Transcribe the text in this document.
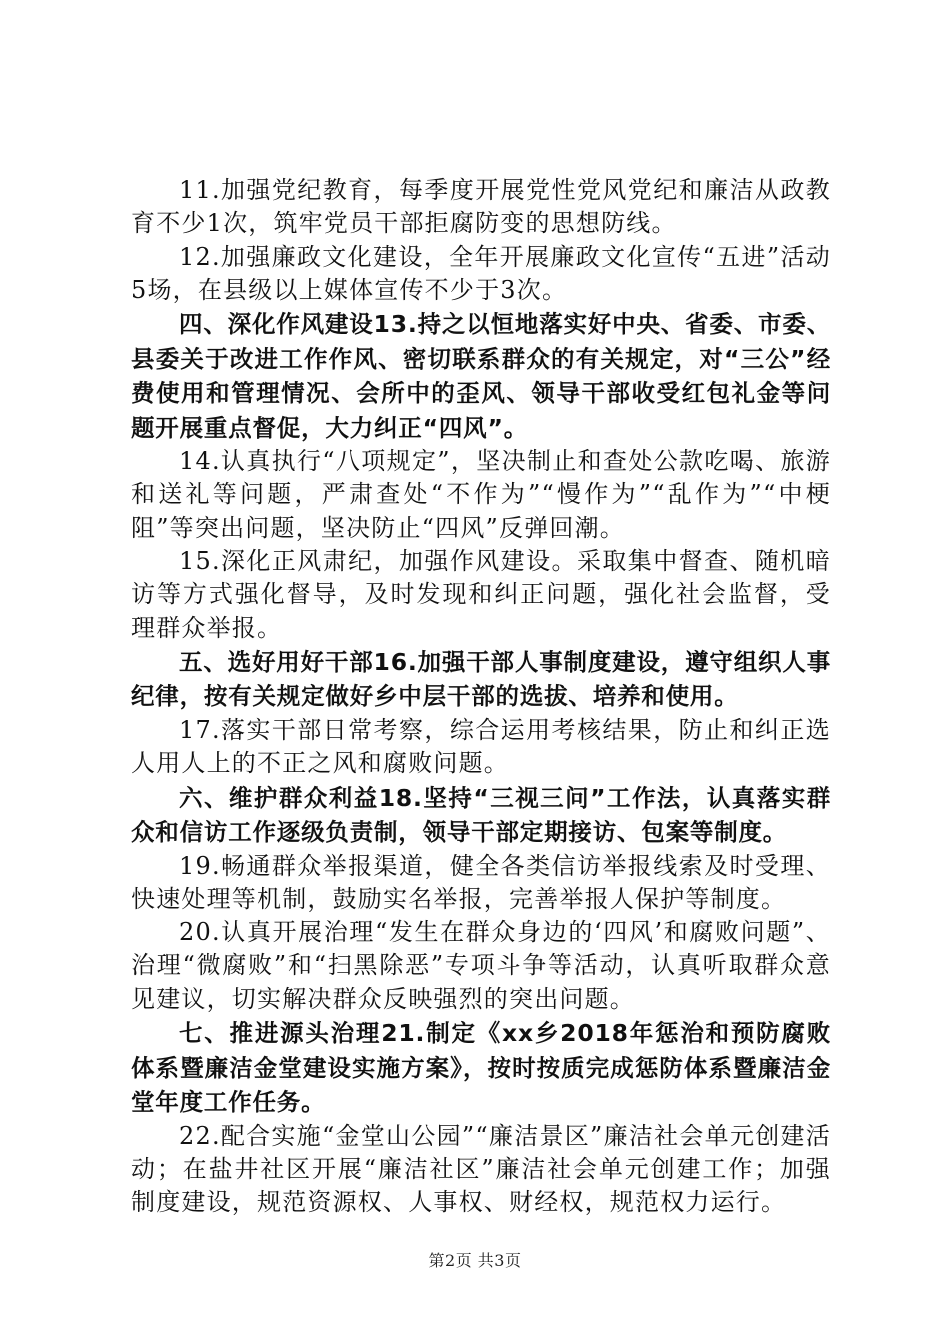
11.加强党纪教育，每季度开展党性党风党纪和廉洁从政教育不少1次，筑牢党员干部拒腐防变的思想防线。

12.加强廉政文化建设，全年开展廉政文化宣传“五进”活动5场，在县级以上媒体宣传不少于3次。

四、深化作风建设13.持之以恒地落实好中央、省委、市委、县委关于改进工作作风、密切联系群众的有关规定，对“三公”经费使用和管理情况、会所中的歪风、领导干部收受红包礼金等问题开展重点督促，大力纠正“四风”。

14.认真执行“八项规定”，坚决制止和查处公款吃喝、旅游和送礼等问题，严肃查处“不作为”“慢作为”“乱作为”“中梗阻”等突出问题，坚决防止“四风”反弹回潮。

15.深化正风肃纪，加强作风建设。采取集中督查、随机暗访等方式强化督导，及时发现和纠正问题，强化社会监督，受理群众举报。

五、选好用好干部16.加强干部人事制度建设，遵守组织人事纪律，按有关规定做好乡中层干部的选拔、培养和使用。

17.落实干部日常考察，综合运用考核结果，防止和纠正选人用人上的不正之风和腐败问题。

六、维护群众利益18.坚持“三视三问”工作法，认真落实群众和信访工作逐级负责制，领导干部定期接访、包案等制度。

19.畅通群众举报渠道，健全各类信访举报线索及时受理、快速处理等机制，鼓励实名举报，完善举报人保护等制度。

20.认真开展治理“发生在群众身边的‘四风’和腐败问题”、治理“微腐败”和“扫黑除恶”专项斗争等活动，认真听取群众意见建议，切实解决群众反映强烈的突出问题。

七、推进源头治理21.制定《xx乡2018年惩治和预防腐败体系暨廉洁金堂建设实施方案》，按时按质完成惩防体系暨廉洁金堂年度工作任务。

22.配合实施“金堂山公园”“廉洁景区”廉洁社会单元创建活动；在盐井社区开展“廉洁社区”廉洁社会单元创建工作；加强制度建设，规范资源权、人事权、财经权，规范权力运行。

第2页 共3页
